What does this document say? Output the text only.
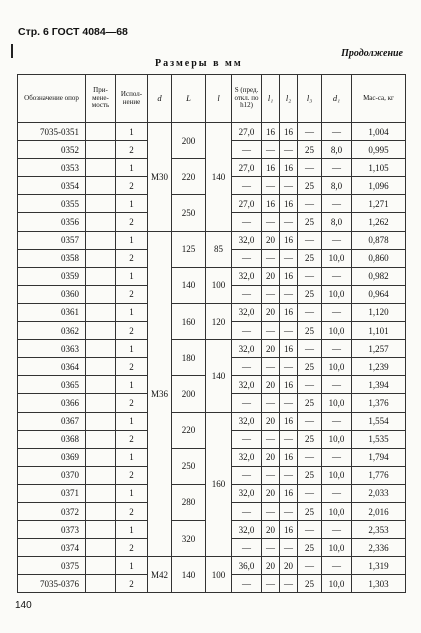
Стр. 6 ГОСТ 4084—68
Продолжение
Размеры в мм
Обозначение опор	При-мене-мость	Испол-нение	d	L	l	S (пред. откл. по h12)	l₁	l₂	l₃	d₁	Мас-са, кг
7035-0351		1	M30	200	140	27,0	16	16	—	—	1,004
0352		2				—	—	—	25	8,0	0,995
0353		1		220		27,0	16	16	—	—	1,105
0354		2				—	—	—	25	8,0	1,096
0355		1		250		27,0	16	16	—	—	1,271
0356		2				—	—	—	25	8,0	1,262
0357		1	M36	125	85	32,0	20	16	—	—	0,878
0358		2				—	—	—	25	10,0	0,860
0359		1		140	100	32,0	20	16	—	—	0,982
0360		2				—	—	—	25	10,0	0,964
0361		1		160	120	32,0	20	16	—	—	1,120
0362		2				—	—	—	25	10,0	1,101
0363		1		180	140	32,0	20	16	—	—	1,257
0364		2				—	—	—	25	10,0	1,239
0365		1		200		32,0	20	16	—	—	1,394
0366		2				—	—	—	25	10,0	1,376
0367		1		220	160	32,0	20	16	—	—	1,554
0368		2				—	—	—	25	10,0	1,535
0369		1		250		32,0	20	16	—	—	1,794
0370		2				—	—	—	25	10,0	1,776
0371		1		280		32,0	20	16	—	—	2,033
0372		2				—	—	—	25	10,0	2,016
0373		1		320		32,0	20	16	—	—	2,353
0374		2				—	—	—	25	10,0	2,336
0375		1	M42	140	100	36,0	20	20	—	—	1,319
7035-0376		2				—	—	—	25	10,0	1,303
140
